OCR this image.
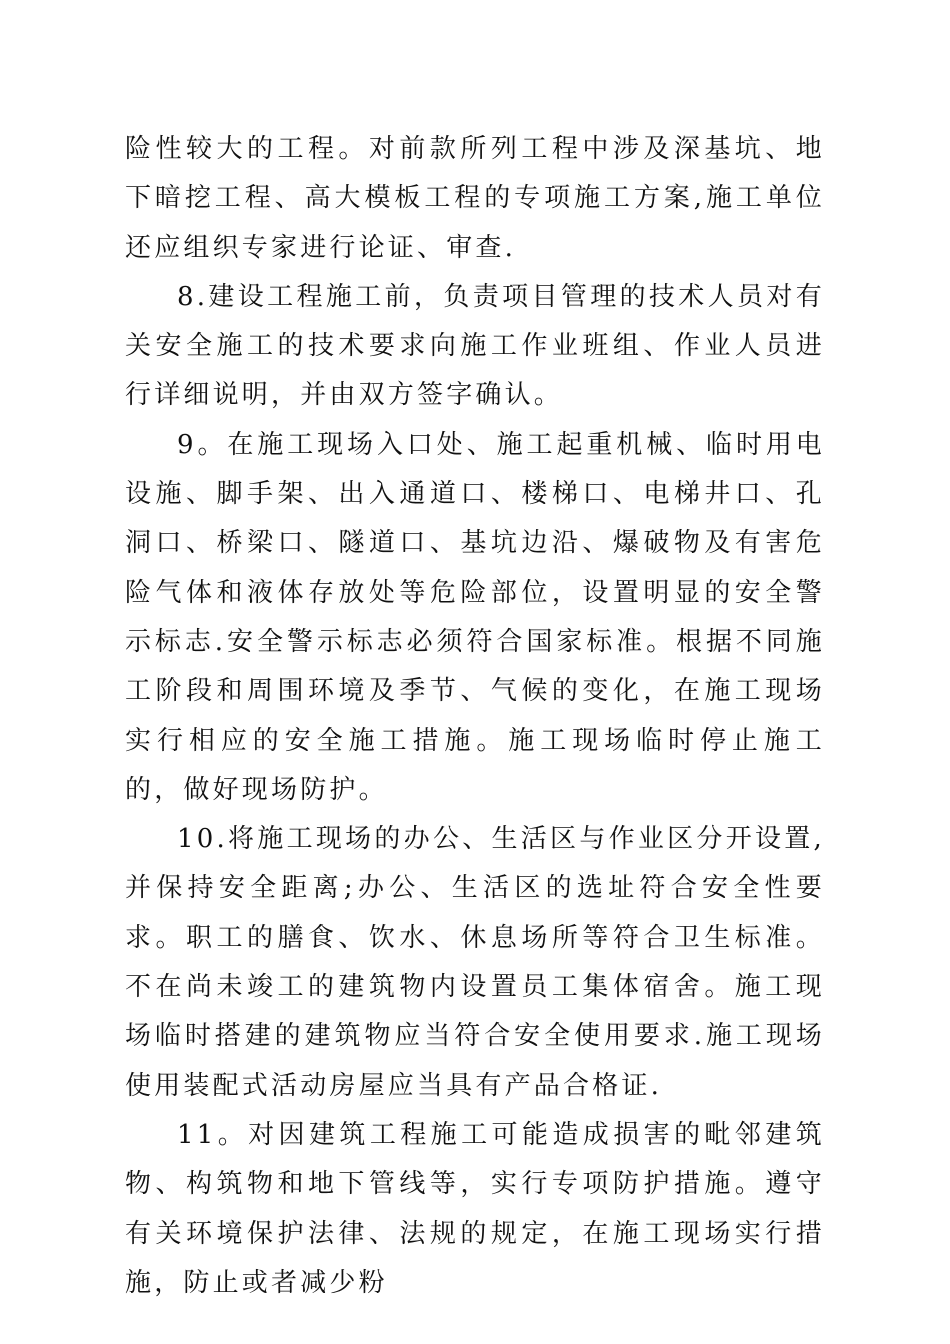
险性较大的工程。对前款所列工程中涉及深基坑、地下暗挖工程、高大模板工程的专项施工方案,施工单位还应组织专家进行论证、审查.

8.建设工程施工前，负责项目管理的技术人员对有关安全施工的技术要求向施工作业班组、作业人员进行详细说明，并由双方签字确认。

9。在施工现场入口处、施工起重机械、临时用电设施、脚手架、出入通道口、楼梯口、电梯井口、孔洞口、桥梁口、隧道口、基坑边沿、爆破物及有害危险气体和液体存放处等危险部位，设置明显的安全警示标志.安全警示标志必须符合国家标准。根据不同施工阶段和周围环境及季节、气候的变化，在施工现场实行相应的安全施工措施。施工现场临时停止施工的，做好现场防护。

10.将施工现场的办公、生活区与作业区分开设置,并保持安全距离;办公、生活区的选址符合安全性要求。职工的膳食、饮水、休息场所等符合卫生标准。不在尚未竣工的建筑物内设置员工集体宿舍。施工现场临时搭建的建筑物应当符合安全使用要求.施工现场使用装配式活动房屋应当具有产品合格证.

11。对因建筑工程施工可能造成损害的毗邻建筑物、构筑物和地下管线等，实行专项防护措施。遵守有关环境保护法律、法规的规定，在施工现场实行措施，防止或者减少粉
